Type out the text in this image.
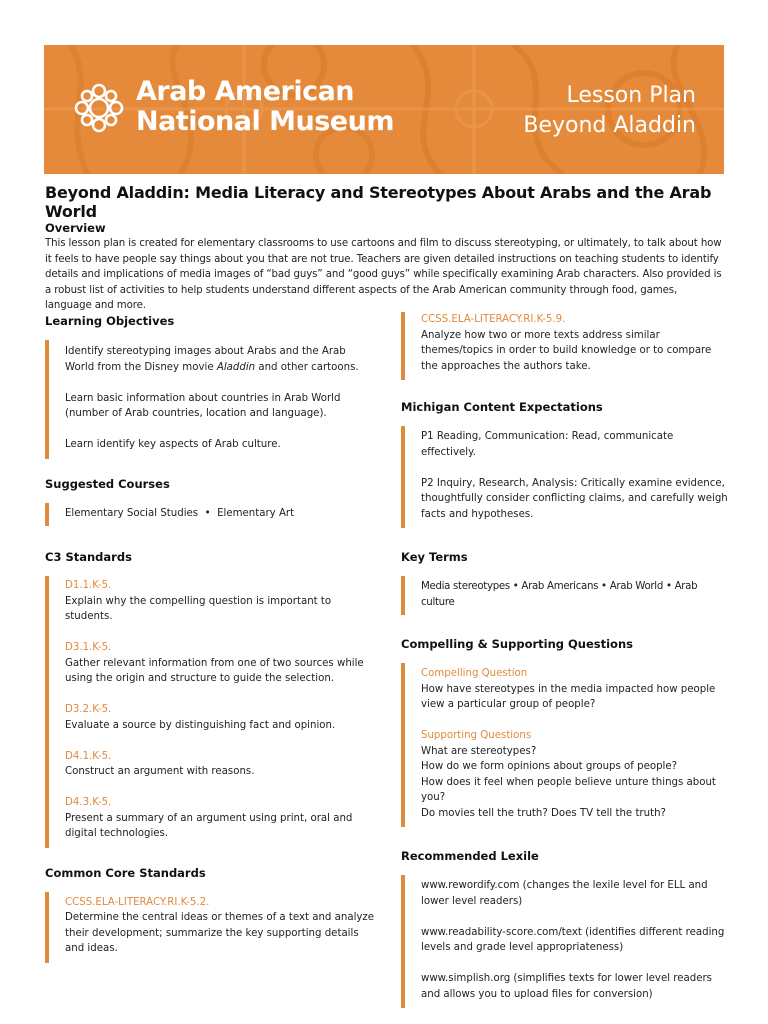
Arab American
National Museum
Lesson Plan
Beyond Aladdin
Beyond Aladdin: Media Literacy and Stereotypes About Arabs and the Arab World
Overview
This lesson plan is created for elementary classrooms to use cartoons and film to discuss stereotyping, or ultimately, to talk about how it feels to have people say things about you that are not true. Teachers are given detailed instructions on teaching students to identify details and implications of media images of “bad guys” and “good guys” while specifically examining Arab characters. Also provided is a robust list of activities to help students understand different aspects of the Arab American community through food, games, language and more.
Learning Objectives

Identify stereotyping images about Arabs and the Arab World from the Disney movie Aladdin and other cartoons.

Learn basic information about countries in Arab World (number of Arab countries, location and language).

Learn identify key aspects of Arab culture.

Suggested Courses

Elementary Social Studies  •  Elementary Art

C3 Standards

D1.1.K-5.

Explain why the compelling question is important to students.

D3.1.K-5.

Gather relevant information from one of two sources while using the origin and structure to guide the selection.

D3.2.K-5.

Evaluate a source by distinguishing fact and opinion.

D4.1.K-5.

Construct an argument with reasons.

D4.3.K-5.

Present a summary of an argument using print, oral and digital technologies.

Common Core Standards

CCSS.ELA-LITERACY.RI.K-5.2.

Determine the central ideas or themes of a text and analyze their development; summarize the key supporting details and ideas.

CCSS.ELA-LITERACY.RI.K-5.9.

Analyze how two or more texts address similar themes/topics in order to build knowledge or to compare the approaches the authors take.

Michigan Content Expectations

P1 Reading, Communication: Read, communicate effectively.

P2 Inquiry, Research, Analysis: Critically examine evidence, thoughtfully consider conflicting claims, and carefully weigh facts and hypotheses.

Key Terms

Media stereotypes • Arab Americans • Arab World • Arab culture

Compelling & Supporting Questions

Compelling Question

How have stereotypes in the media impacted how people view a particular group of people?

Supporting Questions

What are stereotypes?

How do we form opinions about groups of people?

How does it feel when people believe unture things about you?

Do movies tell the truth? Does TV tell the truth?

Recommended Lexile

www.rewordify.com (changes the lexile level for ELL and lower level readers)

www.readability-score.com/text (identifies different reading levels and grade level appropriateness)

www.simplish.org (simplifies texts for lower level readers and allows you to upload files for conversion)
